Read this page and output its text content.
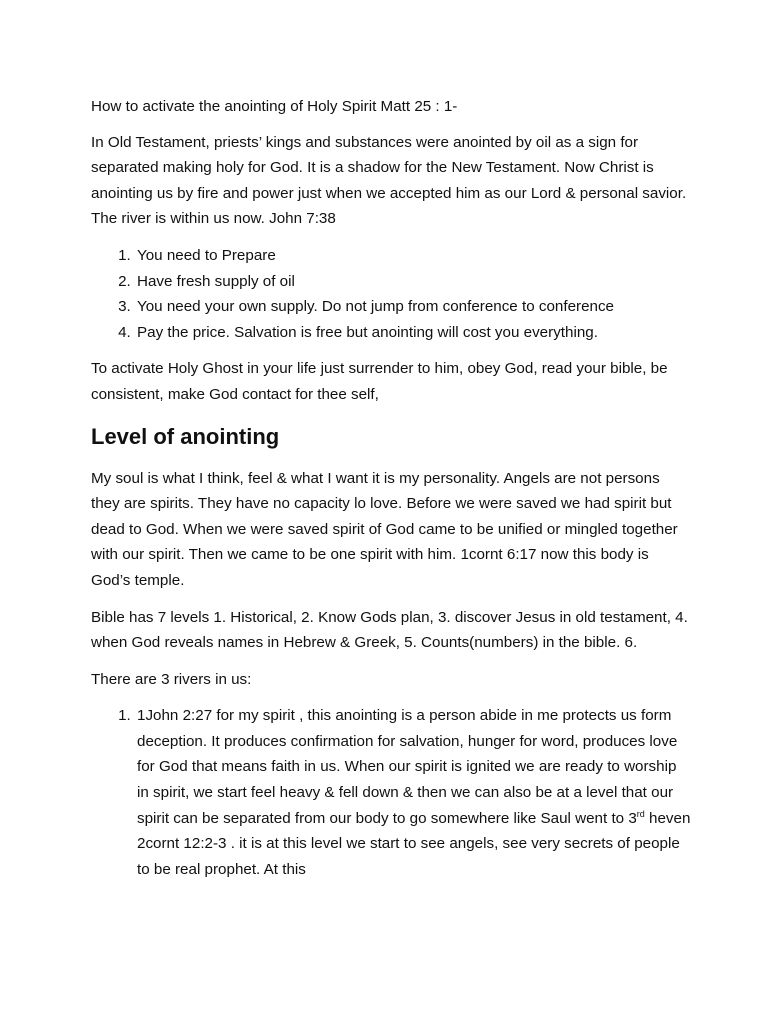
How to activate the anointing of Holy Spirit Matt 25 : 1-

In Old Testament, priests’ kings and substances were anointed by oil as a sign for separated making holy for God. It is a shadow for the New Testament. Now Christ is anointing us by fire and power just when we accepted him as our Lord & personal savior. The river is within us now. John 7:38

1. You need to Prepare
2. Have fresh supply of oil
3. You need your own supply. Do not jump from conference to conference
4. Pay the price. Salvation is free but anointing will cost you everything.

To activate Holy Ghost in your life just surrender to him, obey God, read your bible, be consistent, make God contact for thee self,

Level of anointing

My soul is what I think, feel & what I want it is my personality. Angels are not persons they are spirits. They have no capacity lo love. Before we were saved we had spirit but dead to God. When we were saved spirit of God came to be unified or mingled together with our spirit. Then we came to be one spirit with him. 1cornt 6:17 now this body is God’s temple.

Bible has 7 levels 1. Historical, 2. Know Gods plan, 3. discover Jesus in old testament, 4. when God reveals names in Hebrew & Greek, 5. Counts(numbers) in the bible. 6.

There are 3 rivers in us:

1. 1John 2:27 for my spirit , this anointing is a person abide in me protects us form deception. It produces confirmation for salvation, hunger for word, produces love for God that means faith in us. When our spirit is ignited we are ready to worship in spirit, we start feel heavy & fell down & then we can also be at a level that our spirit can be separated from our body to go somewhere like Saul went to 3rd heven 2cornt 12:2-3 . it is at this level we start to see angels, see very secrets of people to be real prophet. At this
